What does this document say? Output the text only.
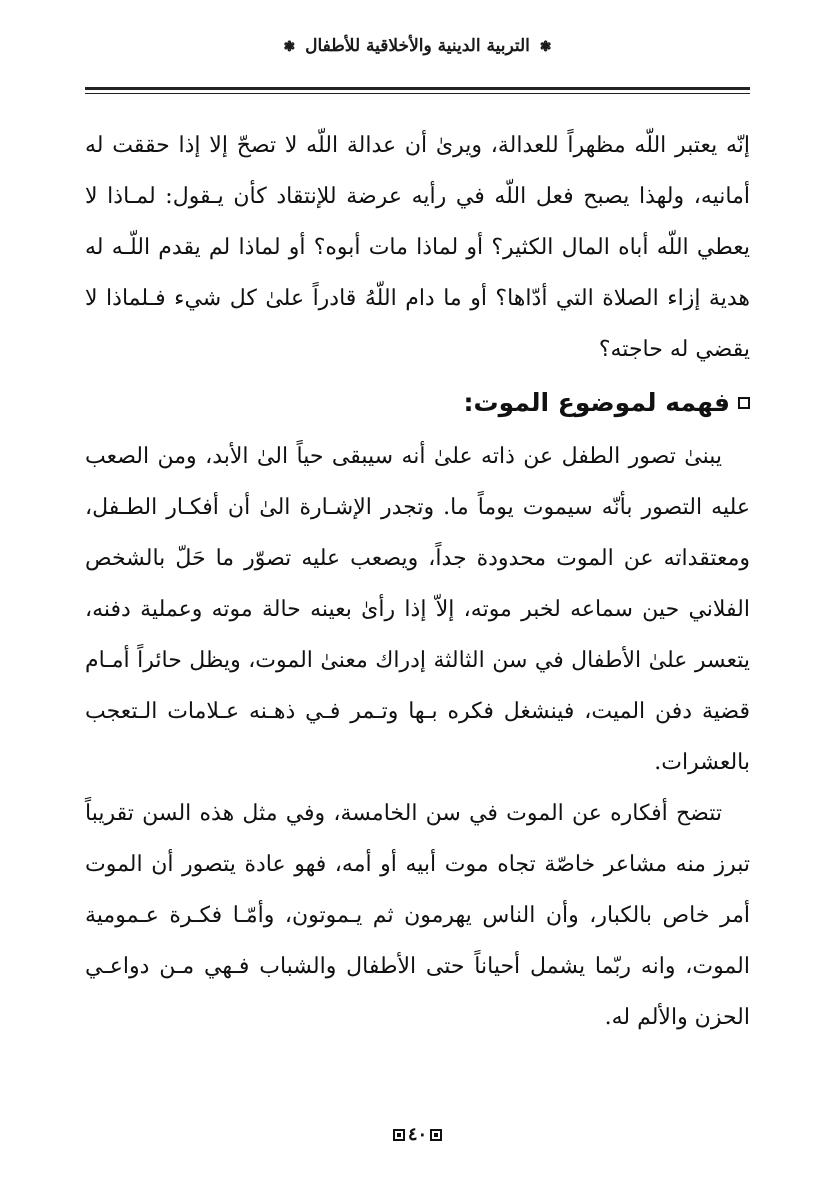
❃ التربية الدينية والأخلاقية للأطفال ❃

إنّه يعتبر اللّه مظهراً للعدالة، ويرىٰ أن عدالة اللّه لا تصحّ إلا إذا حققت له أمانيه، ولهذا يصبح فعل اللّه في رأيه عرضة للإنتقاد كأن يـقول: لمـاذا لا يعطي اللّه أباه المال الكثير؟ أو لماذا مات أبوه؟ أو لماذا لم يقدم اللّـه له هدية إزاء الصلاة التي أدّاها؟ أو ما دام اللّهُ قادراً علىٰ كل شيء فـلماذا لا يقضي له حاجته؟

فهمه لموضوع الموت:

يبنىٰ تصور الطفل عن ذاته علىٰ أنه سيبقى حياً الىٰ الأبد، ومن الصعب عليه التصور بأنّه سيموت يوماً ما. وتجدر الإشـارة الىٰ أن أفكـار الطـفل، ومعتقداته عن الموت محدودة جداً، ويصعب عليه تصوّر ما حَلّ بالشخص الفلاني حين سماعه لخبر موته، إلاّ إذا رأىٰ بعينه حالة موته وعملية دفنه، يتعسر علىٰ الأطفال في سن الثالثة إدراك معنىٰ الموت، ويظل حائراً أمـام قضية دفن الميت، فينشغل فكره بـها وتـمر فـي ذهـنه عـلامات الـتعجب بالعشرات.

تتضح أفكاره عن الموت في سن الخامسة، وفي مثل هذه السن تقريباً تبرز منه مشاعر خاصّة تجاه موت أبيه أو أمه، فهو عادة يتصور أن الموت أمر خاص بالكبار، وأن الناس يهرمون ثم يـموتون، وأمّـا فكـرة عـمومية الموت، وانه ربّما يشمل أحياناً حتى الأطفال والشباب فـهي مـن دواعـي الحزن والألم له.

٤٠
